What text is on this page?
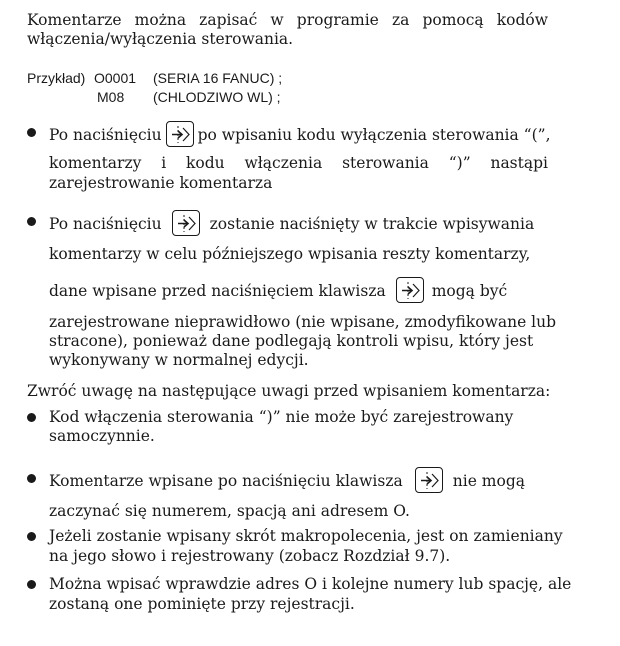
Komentarze można zapisać w programie za pomocą kodów
włączenia/wyłączenia sterowania.
Przykład) O0001 (SERIA 16 FANUC) ;
M08 (CHLODZIWO WL) ;
Po naciśnięciu po wpisaniu kodu wyłączenia sterowania “(”,
komentarzy i kodu włączenia sterowania “)” nastąpi
zarejestrowanie komentarza
Po naciśnięciu	zostanie naciśnięty w trakcie wpisywania
komentarzy w celu późniejszego wpisania reszty komentarzy,
dane wpisane przed naciśnięciem klawisza	mogą być
zarejestrowane nieprawidłowo (nie wpisane, zmodyfikowane lub
stracone), ponieważ dane podlegają kontroli wpisu, który jest
wykonywany w normalnej edycji.
Zwróć uwagę na następujące uwagi przed wpisaniem komentarza:
Kod włączenia sterowania “)” nie może być zarejestrowany
samoczynnie.
Komentarze wpisane po naciśnięciu klawisza	nie mogą
zaczynać się numerem, spacją ani adresem O.
Jeżeli zostanie wpisany skrót makropolecenia, jest on zamieniany
na jego słowo i rejestrowany (zobacz Rozdział 9.7).
Można wpisać wprawdzie adres O i kolejne numery lub spację, ale
zostaną one pominięte przy rejestracji.
